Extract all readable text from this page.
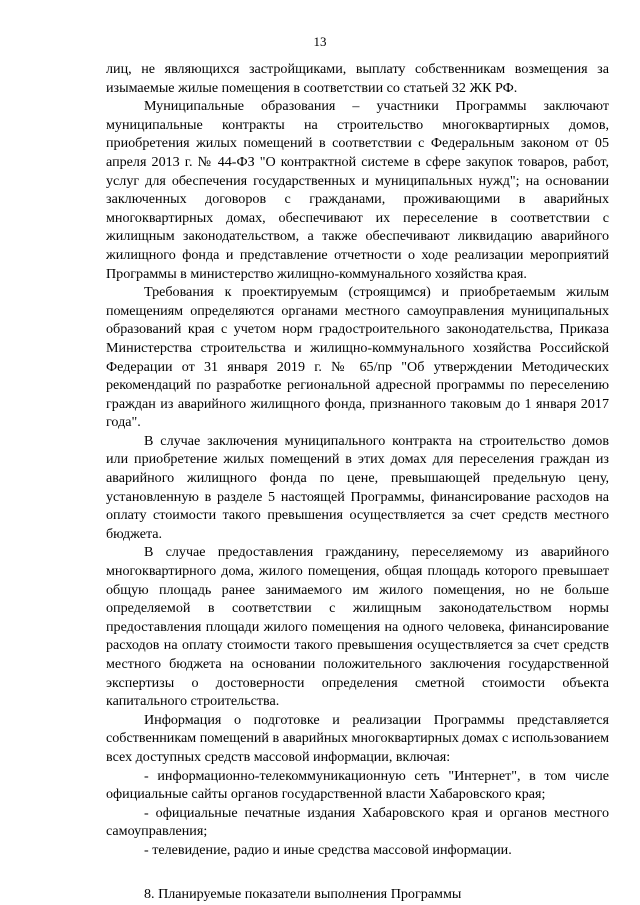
13

лиц, не являющихся застройщиками, выплату собственникам возмещения за изымаемые жилые помещения в соответствии со статьей 32 ЖК РФ.

Муниципальные образования – участники Программы заключают муниципальные контракты на строительство многоквартирных домов, приобретения жилых помещений в соответствии с Федеральным законом от 05 апреля 2013 г. № 44-ФЗ "О контрактной системе в сфере закупок товаров, работ, услуг для обеспечения государственных и муниципальных нужд"; на основании заключенных договоров с гражданами, проживающими в аварийных многоквартирных домах, обеспечивают их переселение в соответствии с жилищным законодательством, а также обеспечивают ликвидацию аварийного жилищного фонда и представление отчетности о ходе реализации мероприятий Программы в министерство жилищно-коммунального хозяйства края.

Требования к проектируемым (строящимся) и приобретаемым жилым помещениям определяются органами местного самоуправления муниципальных образований края с учетом норм градостроительного законодательства, Приказа Министерства строительства и жилищно-коммунального хозяйства Российской Федерации от 31 января 2019 г. № 65/пр "Об утверждении Методических рекомендаций по разработке региональной адресной программы по переселению граждан из аварийного жилищного фонда, признанного таковым до 1 января 2017 года".

В случае заключения муниципального контракта на строительство домов или приобретение жилых помещений в этих домах для переселения граждан из аварийного жилищного фонда по цене, превышающей предельную цену, установленную в разделе 5 настоящей Программы, финансирование расходов на оплату стоимости такого превышения осуществляется за счет средств местного бюджета.

В случае предоставления гражданину, переселяемому из аварийного многоквартирного дома, жилого помещения, общая площадь которого превышает общую площадь ранее занимаемого им жилого помещения, но не больше определяемой в соответствии с жилищным законодательством нормы предоставления площади жилого помещения на одного человека, финансирование расходов на оплату стоимости такого превышения осуществляется за счет средств местного бюджета на основании положительного заключения государственной экспертизы о достоверности определения сметной стоимости объекта капитального строительства.

Информация о подготовке и реализации Программы представляется собственникам помещений в аварийных многоквартирных домах с использованием всех доступных средств массовой информации, включая:

- информационно-телекоммуникационную сеть "Интернет", в том числе официальные сайты органов государственной власти Хабаровского края;

- официальные печатные издания Хабаровского края и органов местного самоуправления;

- телевидение, радио и иные средства массовой информации.

8. Планируемые показатели выполнения Программы
